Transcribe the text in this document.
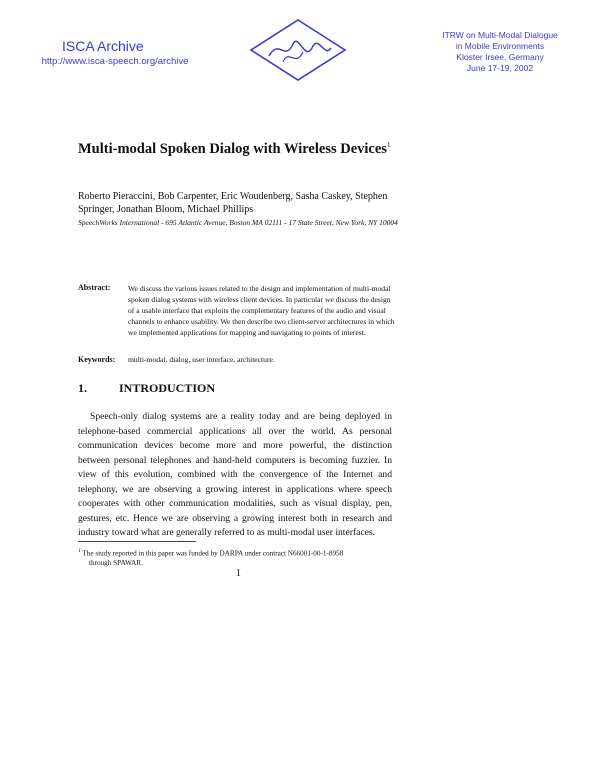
ISCA Archive
http://www.isca-speech.org/archive
ITRW on Multi-Modal Dialogue
in Mobile Environments
Kloster Irsee, Germany
June 17-19, 2002
Multi-modal Spoken Dialog with Wireless Devices$^1$
Roberto Pieraccini, Bob Carpenter, Eric Woudenberg, Sasha Caskey, Stephen Springer, Jonathan Bloom, Michael Phillips
SpeechWorks International - 695 Atlantic Avenue, Boston MA 02111 - 17 State Street, New York, NY 10004
Abstract: We discuss the various issues related to the design and implementation of multi-modal spoken dialog systems with wireless client devices. In particular we discuss the design of a usable interface that exploits the complementary features of the audio and visual channels to enhance usability. We then describe two client-server architectures in which we implemented applications for mapping and navigating to points of interest.
Keywords: multi-modal, dialog, user interface, architecture.
1.	INTRODUCTION
Speech-only dialog systems are a reality today and are being deployed in telephone-based commercial applications all over the world. As personal communication devices become more and more powerful, the distinction between personal telephones and hand-held computers is becoming fuzzier. In view of this evolution, combined with the convergence of the Internet and telephony, we are observing a growing interest in applications where speech cooperates with other communication modalities, such as visual display, pen, gestures, etc. Hence we are observing a growing interest both in research and industry toward what are generally referred to as multi-modal user interfaces.
$^1$ The study reported in this paper was funded by DARPA under contract N66001-00-1-8958
through SPAWAR.
1
